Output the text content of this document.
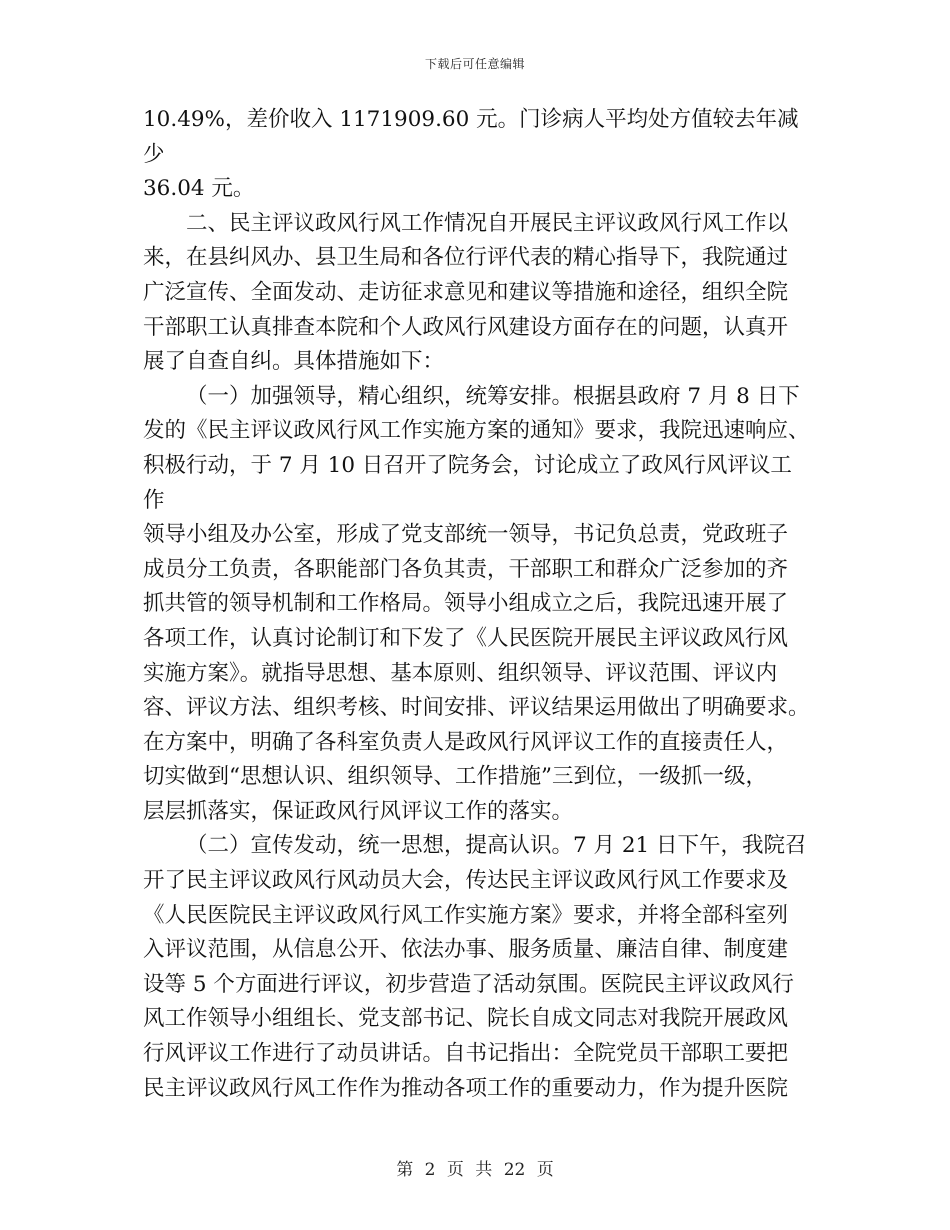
下载后可任意编辑

10.49%，差价收入 1171909.60 元。门诊病人平均处方值较去年减少
36.04 元。

二、民主评议政风行风工作情况自开展民主评议政风行风工作以
来，在县纠风办、县卫生局和各位行评代表的精心指导下，我院通过
广泛宣传、全面发动、走访征求意见和建议等措施和途径，组织全院
干部职工认真排查本院和个人政风行风建设方面存在的问题，认真开
展了自查自纠。具体措施如下：

（一）加强领导，精心组织，统筹安排。根据县政府 7 月 8 日下
发的《民主评议政风行风工作实施方案的通知》要求，我院迅速响应、
积极行动，于 7 月 10 日召开了院务会，讨论成立了政风行风评议工作
领导小组及办公室，形成了党支部统一领导，书记负总责，党政班子
成员分工负责，各职能部门各负其责，干部职工和群众广泛参加的齐
抓共管的领导机制和工作格局。领导小组成立之后，我院迅速开展了
各项工作，认真讨论制订和下发了《人民医院开展民主评议政风行风
实施方案》。就指导思想、基本原则、组织领导、评议范围、评议内
容、评议方法、组织考核、时间安排、评议结果运用做出了明确要求。
在方案中，明确了各科室负责人是政风行风评议工作的直接责任人，
切实做到“思想认识、组织领导、工作措施”三到位，一级抓一级，
层层抓落实，保证政风行风评议工作的落实。

（二）宣传发动，统一思想，提高认识。7 月 21 日下午，我院召
开了民主评议政风行风动员大会，传达民主评议政风行风工作要求及
《人民医院民主评议政风行风工作实施方案》要求，并将全部科室列
入评议范围，从信息公开、依法办事、服务质量、廉洁自律、制度建
设等 5 个方面进行评议，初步营造了活动氛围。医院民主评议政风行
风工作领导小组组长、党支部书记、院长自成文同志对我院开展政风
行风评议工作进行了动员讲话。自书记指出：全院党员干部职工要把
民主评议政风行风工作作为推动各项工作的重要动力，作为提升医院

第 2 页 共 22 页
